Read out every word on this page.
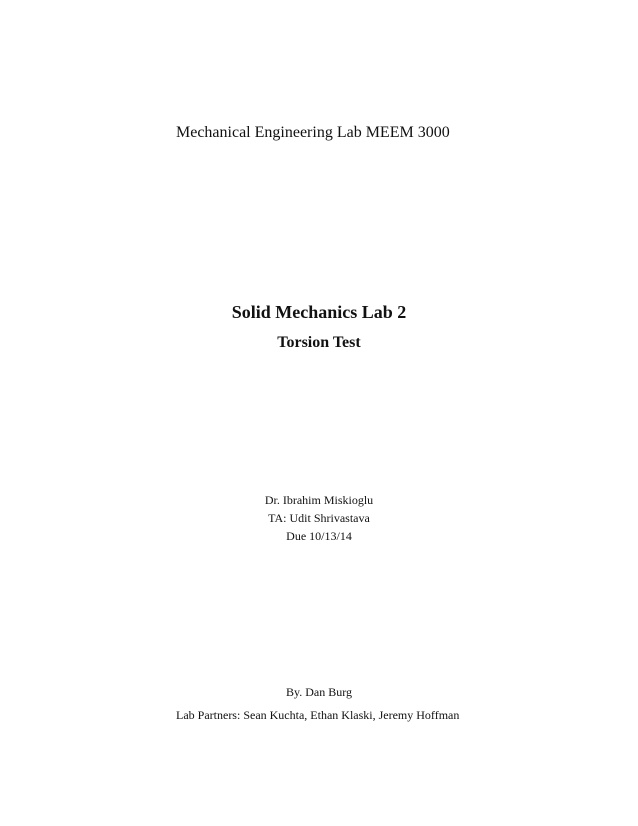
Mechanical Engineering Lab MEEM 3000
Solid Mechanics Lab 2
Torsion Test
Dr. Ibrahim Miskioglu
TA: Udit Shrivastava
Due 10/13/14
By. Dan Burg
Lab Partners: Sean Kuchta, Ethan Klaski, Jeremy Hoffman
